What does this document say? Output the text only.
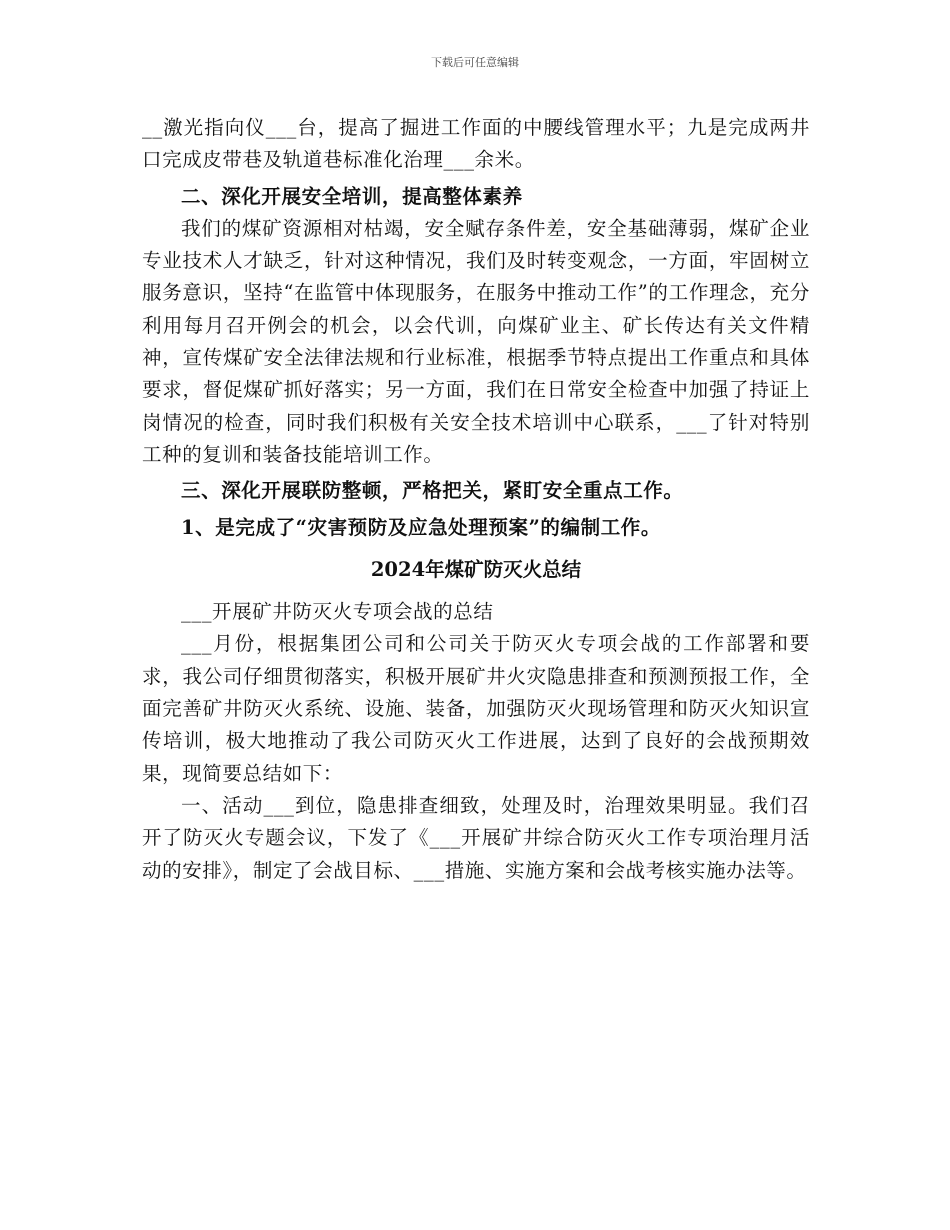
下载后可任意编辑

__激光指向仪___台，提高了掘进工作面的中腰线管理水平；九是完成两井口完成皮带巷及轨道巷标准化治理___余米。

二、深化开展安全培训，提高整体素养

我们的煤矿资源相对枯竭，安全赋存条件差，安全基础薄弱，煤矿企业专业技术人才缺乏，针对这种情况，我们及时转变观念，一方面，牢固树立服务意识，坚持“在监管中体现服务，在服务中推动工作”的工作理念，充分利用每月召开例会的机会，以会代训，向煤矿业主、矿长传达有关文件精神，宣传煤矿安全法律法规和行业标准，根据季节特点提出工作重点和具体要求，督促煤矿抓好落实；另一方面，我们在日常安全检查中加强了持证上岗情况的检查，同时我们积极有关安全技术培训中心联系，___了针对特别工种的复训和装备技能培训工作。

三、深化开展联防整顿，严格把关，紧盯安全重点工作。

1、是完成了“灾害预防及应急处理预案”的编制工作。

2024年煤矿防灭火总结

___开展矿井防灭火专项会战的总结

___月份，根据集团公司和公司关于防灭火专项会战的工作部署和要求，我公司仔细贯彻落实，积极开展矿井火灾隐患排查和预测预报工作，全面完善矿井防灭火系统、设施、装备，加强防灭火现场管理和防灭火知识宣传培训，极大地推动了我公司防灭火工作进展，达到了良好的会战预期效果，现简要总结如下：

一、活动___到位，隐患排查细致，处理及时，治理效果明显。我们召开了防灭火专题会议，下发了《___开展矿井综合防灭火工作专项治理月活动的安排》，制定了会战目标、___措施、实施方案和会战考核实施办法等。
